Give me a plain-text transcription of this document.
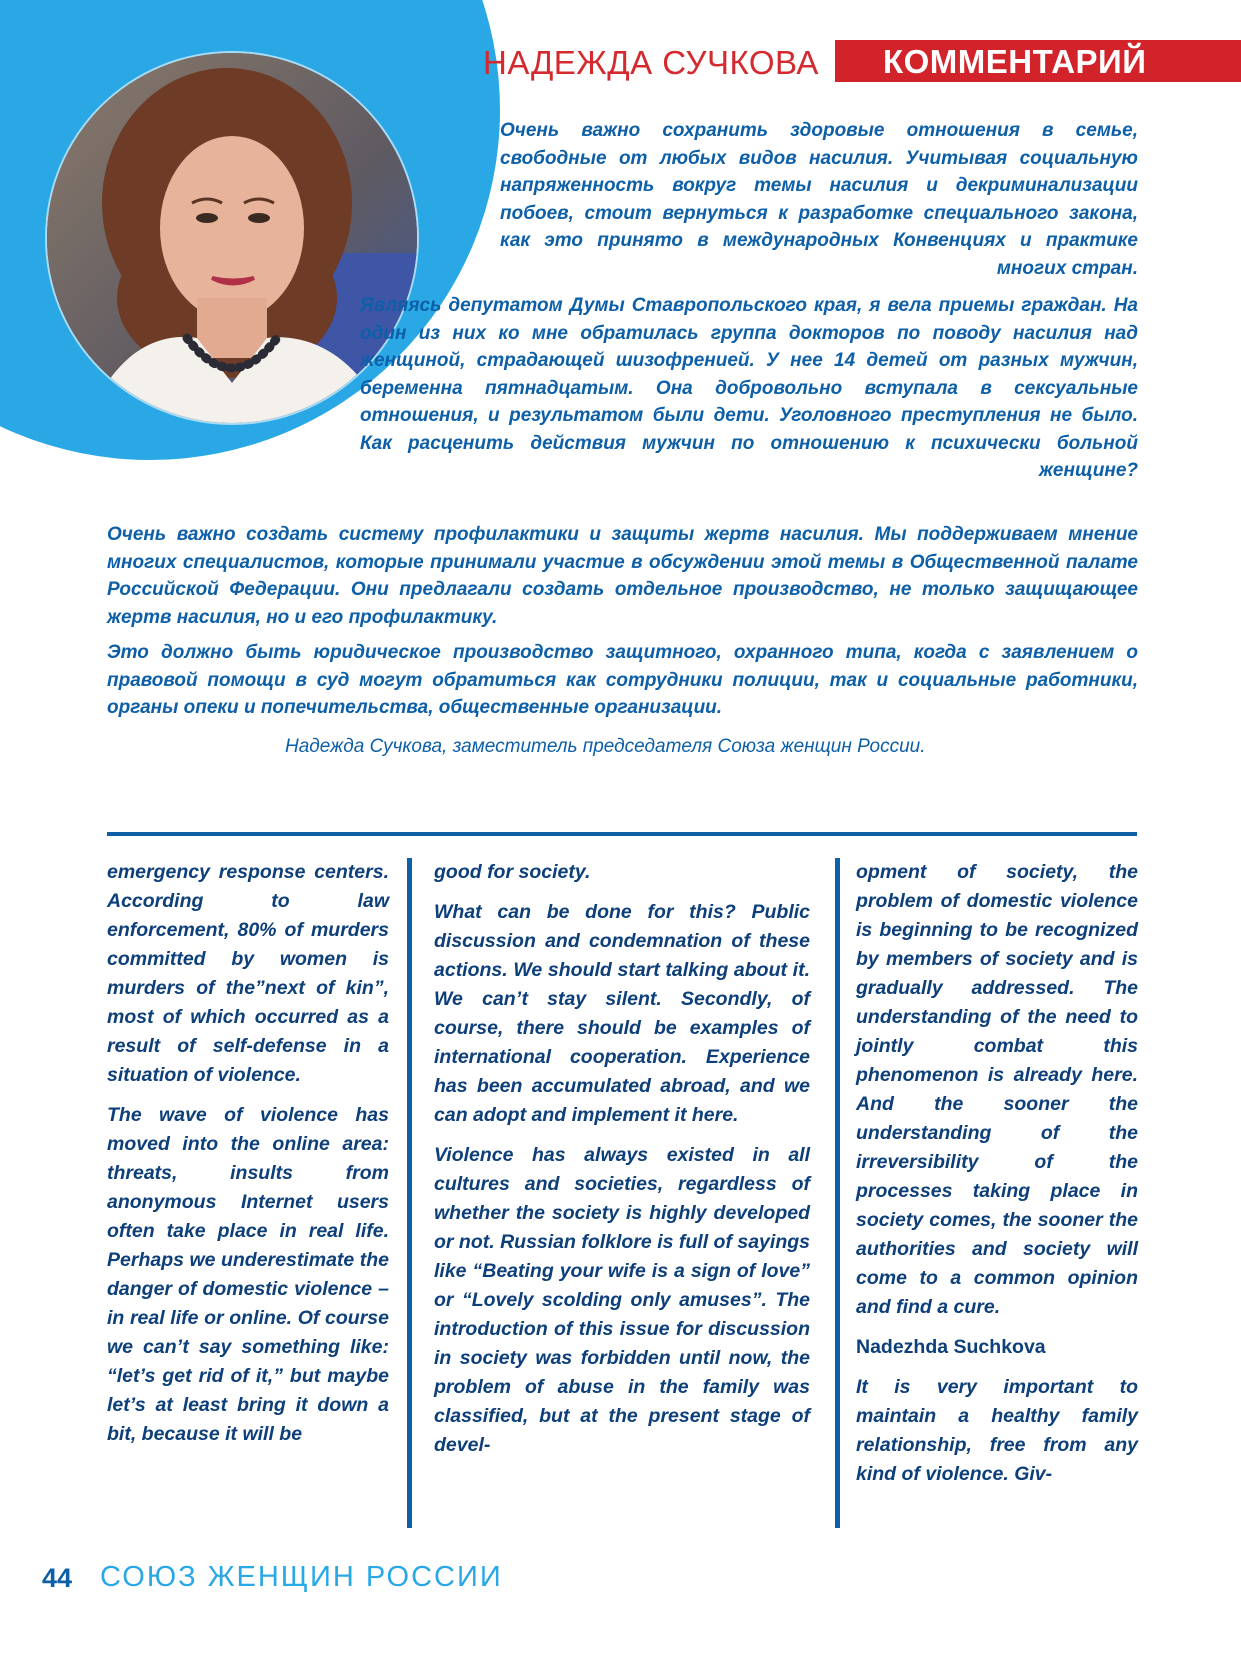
НАДЕЖДА СУЧКОВА КОММЕНТАРИЙ

Очень важно сохранить здоровые отношения в семье, свободные от любых видов насилия. Учитывая социальную напряженность вокруг темы насилия и декриминализации побоев, стоит вернуться к разработке специального закона, как это принято в международных Конвенциях и практике многих стран.

Являясь депутатом Думы Ставропольского края, я вела приемы граждан. На один из них ко мне обратилась группа докторов по поводу насилия над женщиной, страдающей шизофренией. У нее 14 детей от разных мужчин, беременна пятнадцатым. Она добровольно вступала в сексуальные отношения, и результатом были дети. Уголовного преступления не было. Как расценить действия мужчин по отношению к психически больной женщине?

Очень важно создать систему профилактики и защиты жертв насилия. Мы поддерживаем мнение многих специалистов, которые принимали участие в обсуждении этой темы в Общественной палате Российской Федерации. Они предлагали создать отдельное производство, не только защищающее жертв насилия, но и его профилактику.

Это должно быть юридическое производство защитного, охранного типа, когда с заявлением о правовой помощи в суд могут обратиться как сотрудники полиции, так и социальные работники, органы опеки и попечительства, общественные организации.

Надежда Сучкова, заместитель председателя Союза женщин России.

emergency response centers. According to law enforcement, 80% of murders committed by women is murders of the”next of kin”, most of which occurred as a result of self-defense in a situation of violence.

The wave of violence has moved into the online area: threats, insults from anonymous Internet users often take place in real life. Perhaps we underestimate the danger of domestic violence – in real life or online. Of course we can’t say something like: “let’s get rid of it,” but maybe let’s at least bring it down a bit, because it will be

good for society.

What can be done for this? Public discussion and condemnation of these actions. We should start talking about it. We can’t stay silent. Secondly, of course, there should be examples of international cooperation. Experience has been accumulated abroad, and we can adopt and implement it here.

Violence has always existed in all cultures and societies, regardless of whether the society is highly developed or not. Russian folklore is full of sayings like “Beating your wife is a sign of love” or “Lovely scolding only amuses”. The introduction of this issue for discussion in society was forbidden until now, the problem of abuse in the family was classified, but at the present stage of devel-

opment of society, the problem of domestic violence is beginning to be recognized by members of society and is gradually addressed. The understanding of the need to jointly combat this phenomenon is already here. And the sooner the understanding of the irreversibility of the processes taking place in society comes, the sooner the authorities and society will come to a common opinion and find a cure.

Nadezhda Suchkova

It is very important to maintain a healthy family relationship, free from any kind of violence. Giv-

44 СОЮЗ ЖЕНЩИН РОССИИ
